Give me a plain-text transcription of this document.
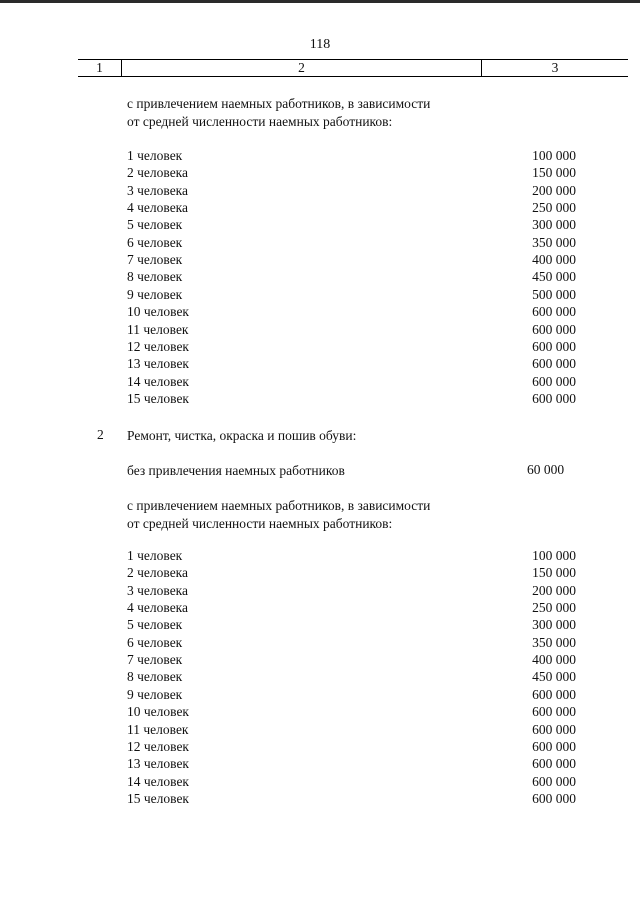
118
1	2	3
с привлечением наемных работников, в зависимости
от средней численности наемных работников:
1 человек	100 000
2 человека	150 000
3 человека	200 000
4 человека	250 000
5 человек	300 000
6 человек	350 000
7 человек	400 000
8 человек	450 000
9 человек	500 000
10 человек	600 000
11 человек	600 000
12 человек	600 000
13 человек	600 000
14 человек	600 000
15 человек	600 000
2 Ремонт, чистка, окраска и пошив обуви:
без привлечения наемных работников	60 000
с привлечением наемных работников, в зависимости
от средней численности наемных работников:
1 человек	100 000
2 человека	150 000
3 человека	200 000
4 человека	250 000
5 человек	300 000
6 человек	350 000
7 человек	400 000
8 человек	450 000
9 человек	600 000
10 человек	600 000
11 человек	600 000
12 человек	600 000
13 человек	600 000
14 человек	600 000
15 человек	600 000
